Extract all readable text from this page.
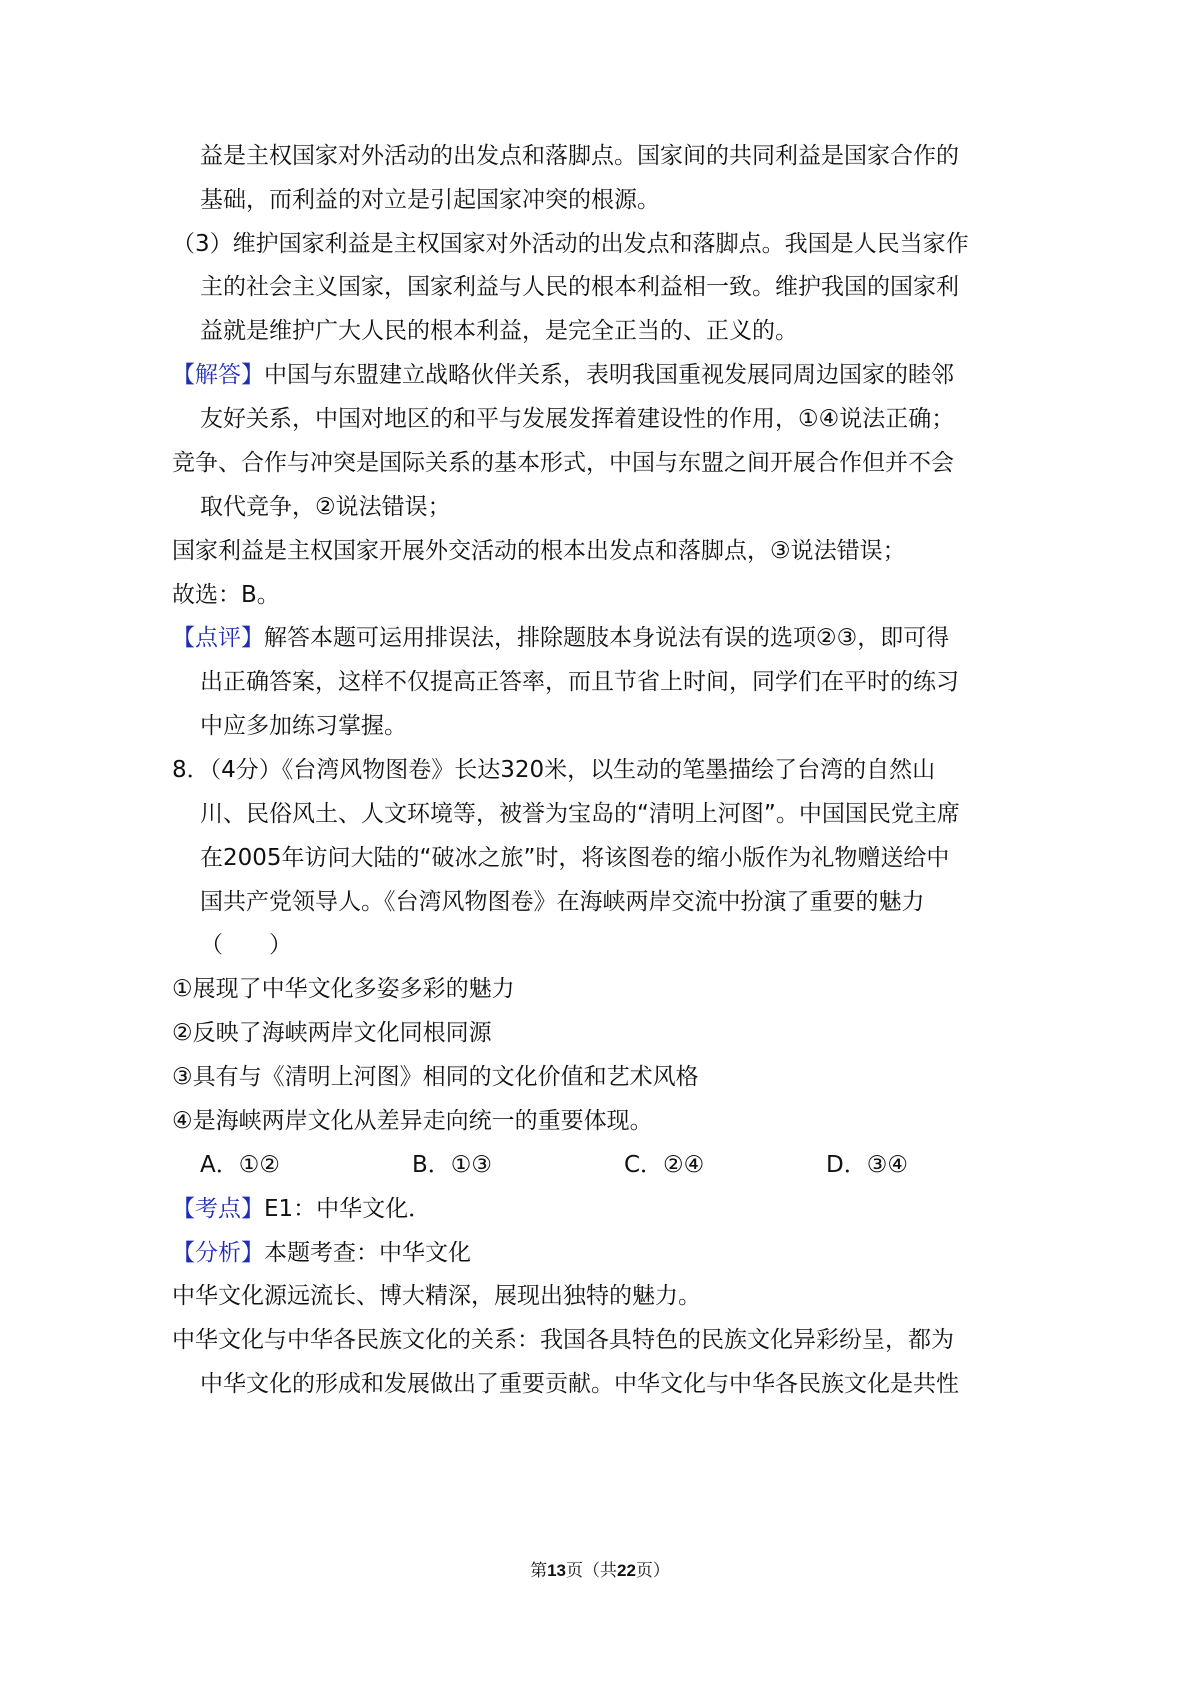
益是主权国家对外活动的出发点和落脚点。国家间的共同利益是国家合作的
基础，而利益的对立是引起国家冲突的根源。
（3）维护国家利益是主权国家对外活动的出发点和落脚点。我国是人民当家作
主的社会主义国家，国家利益与人民的根本利益相一致。维护我国的国家利
益就是维护广大人民的根本利益，是完全正当的、正义的。
【解答】中国与东盟建立战略伙伴关系，表明我国重视发展同周边国家的睦邻
友好关系，中国对地区的和平与发展发挥着建设性的作用，①④说法正确；
竞争、合作与冲突是国际关系的基本形式，中国与东盟之间开展合作但并不会
取代竞争，②说法错误；
国家利益是主权国家开展外交活动的根本出发点和落脚点，③说法错误；
故选：B。
【点评】解答本题可运用排误法，排除题肢本身说法有误的选项②③，即可得
出正确答案，这样不仅提高正答率，而且节省上时间，同学们在平时的练习
中应多加练习掌握。
8．（4分）《台湾风物图卷》长达320米，以生动的笔墨描绘了台湾的自然山
川、民俗风土、人文环境等，被誉为宝岛的“清明上河图”。中国国民党主席
在2005年访问大陆的“破冰之旅”时，将该图卷的缩小版作为礼物赠送给中
国共产党领导人。《台湾风物图卷》在海峡两岸交流中扮演了重要的魅力
（　　）
①展现了中华文化多姿多彩的魅力
②反映了海峡两岸文化同根同源
③具有与《清明上河图》相同的文化价值和艺术风格
④是海峡两岸文化从差异走向统一的重要体现。
A．①②	B．①③	C．②④	D．③④
【考点】E1：中华文化．
【分析】本题考查：中华文化
中华文化源远流长、博大精深，展现出独特的魅力。
中华文化与中华各民族文化的关系：我国各具特色的民族文化异彩纷呈，都为
中华文化的形成和发展做出了重要贡献。中华文化与中华各民族文化是共性
第13页（共22页）
